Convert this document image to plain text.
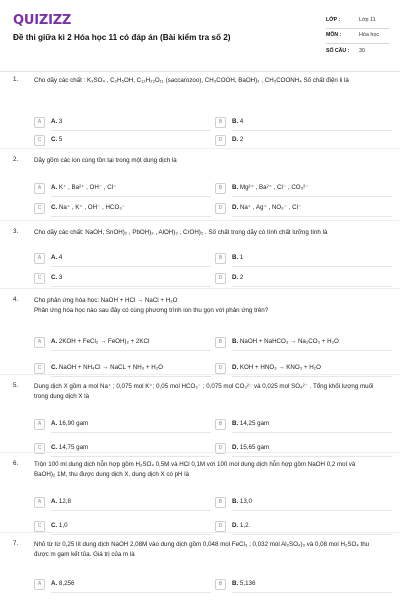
QUIZIZZ
Đề thi giữa kì 2 Hóa học 11 có đáp án (Bài kiểm tra số 2)
LỚP :	Lớp 11
MÔN :	Hóa học
SỐ CÂU :	30
1.	Cho dãy các chất : K₂SO₄ , C₂H₅OH, C₁₂H₂₂O₁₁ (saccarozoo), CH₃COOH, BaOH)₂ , CH₃COONH₄ Số chất điện li là
A	A. 3	B	B. 4
C	C. 5	D	D. 2
2.	Dãy gồm các ion cùng tồn tại trong một dung dịch là
A	A. K⁺ , Ba²⁺ , OH⁻ , Cl⁻	B	B. Mg²⁺ , Ba²⁺ , Cl⁻ , CO₃²⁻
C	C. Na⁺ , K⁺ , OH⁻ , HCO₃⁻	D	D. Na⁺ , Ag⁺ , NO₃⁻ , Cl⁻
3.	Cho dãy các chất: NaOH, SnOH)₂ , PbOH)₂ , AlOH)₃ , CrOH)₂ . Số chất trong dãy có tính chất lưỡng tính là
A	A. 4	B	B. 1
C	C. 3	D	D. 2
4.	Cho phản ứng hóa học: NaOH + HCl → NaCl + H₂O
Phản ứng hóa học nào sau đây có cùng phương trình ion thu gọn với phản ứng trên?
A	A. 2KOH + FeCl₂ → FeOH)₂ + 2KCl	B	B. NaOH + NaHCO₃ → Na₂CO₃ + H₂O
C	C. NaOH + NH₄Cl → NaCL + NH₃ + H₂O	D	D. KOH + HNO₃ → KNO₃ + H₂O
5.	Dung dịch X gồm a mol Na⁺ ; 0,075 mol K⁺; 0,05 mol HCO₃⁻ ; 0,075 mol CO₃²⁻ và 0,025 mol SO₄²⁻ . Tổng khối lượng muối trong dung dịch X là
A	A. 16,90 gam	B	B. 14,25 gam
C	C. 14,75 gam	D	D. 15,65 gam
6.	Trộn 100 ml dung dịch hỗn hợp gồm H₂SO₄ 0,5M và HCl 0,1M với 100 mol dung dịch hỗn hợp gồm NaOH 0,2 mol và BaOH)₂ 1M, thu được dung dịch X. dung dịch X có pH là
A	A. 12,8	B	B. 13,0
C	C. 1,0	D	D. 1,2.
7.	Nhỏ từ từ 0,25 lít dung dịch NaOH 2,08M vào dung dịch gồm 0,048 mol FeCl₃ ; 0,032 mol Al₂SO₄)₃ và 0,08 mol H₂SO₄ thu được m gam kết tủa. Giá trị của m là
A	A. 8,256	B	B. 5,136
